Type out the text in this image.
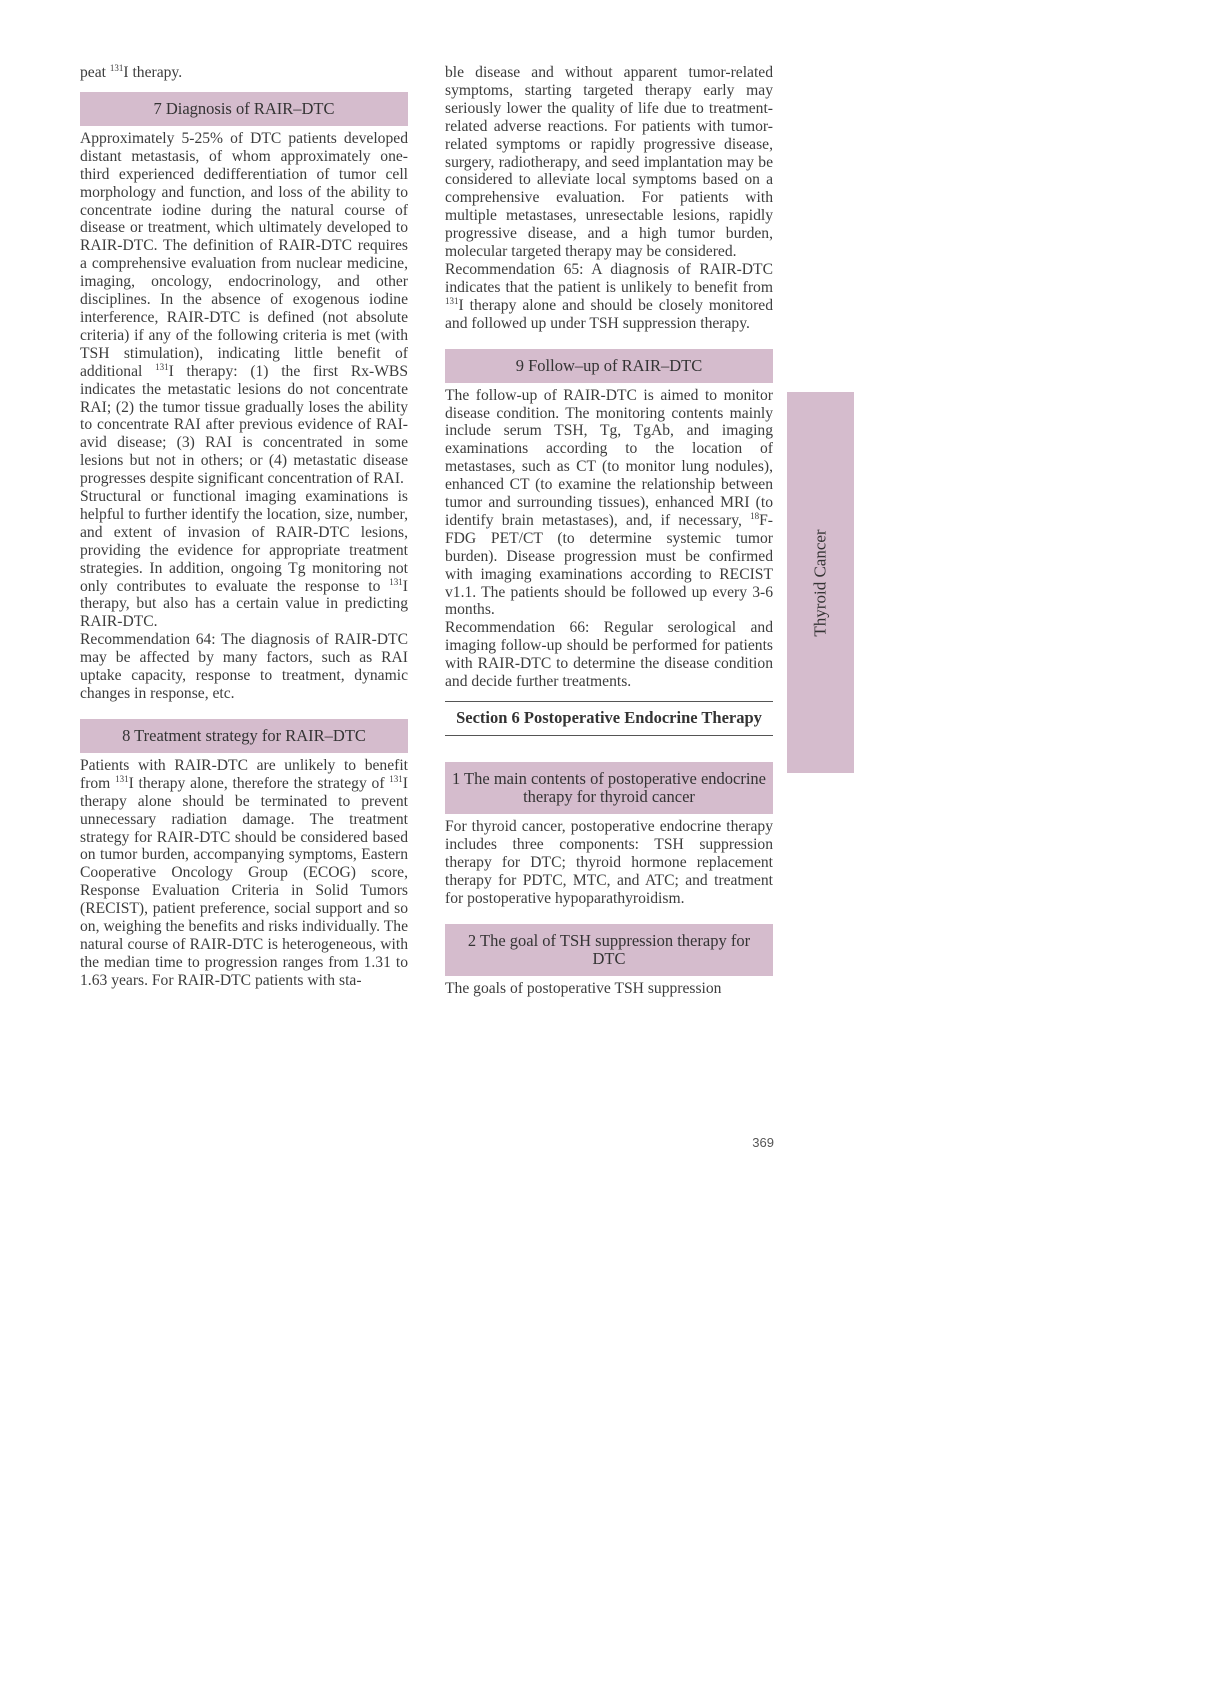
peat $^{131}$I therapy.

7 Diagnosis of RAIR–DTC

Approximately 5-25% of DTC patients developed distant metastasis, of whom approximately one-third experienced dedifferentiation of tumor cell morphology and function, and loss of the ability to concentrate iodine during the natural course of disease or treatment, which ultimately developed to RAIR-DTC. The definition of RAIR-DTC requires a comprehensive evaluation from nuclear medicine, imaging, oncology, endocrinology, and other disciplines. In the absence of exogenous iodine interference, RAIR-DTC is defined (not absolute criteria) if any of the following criteria is met (with TSH stimulation), indicating little benefit of additional $^{131}$I therapy: (1) the first Rx-WBS indicates the metastatic lesions do not concentrate RAI; (2) the tumor tissue gradually loses the ability to concentrate RAI after previous evidence of RAI-avid disease; (3) RAI is concentrated in some lesions but not in others; or (4) metastatic disease progresses despite significant concentration of RAI.

Structural or functional imaging examinations is helpful to further identify the location, size, number, and extent of invasion of RAIR-DTC lesions, providing the evidence for appropriate treatment strategies. In addition, ongoing Tg monitoring not only contributes to evaluate the response to $^{131}$I therapy, but also has a certain value in predicting RAIR-DTC.

Recommendation 64: The diagnosis of RAIR-DTC may be affected by many factors, such as RAI uptake capacity, response to treatment, dynamic changes in response, etc.

8 Treatment strategy for RAIR–DTC

Patients with RAIR-DTC are unlikely to benefit from $^{131}$I therapy alone, therefore the strategy of $^{131}$I therapy alone should be terminated to prevent unnecessary radiation damage. The treatment strategy for RAIR-DTC should be considered based on tumor burden, accompanying symptoms, Eastern Cooperative Oncology Group (ECOG) score, Response Evaluation Criteria in Solid Tumors (RECIST), patient preference, social support and so on, weighing the benefits and risks individually. The natural course of RAIR-DTC is heterogeneous, with the median time to progression ranges from 1.31 to 1.63 years. For RAIR-DTC patients with sta-

ble disease and without apparent tumor-related symptoms, starting targeted therapy early may seriously lower the quality of life due to treatment-related adverse reactions. For patients with tumor-related symptoms or rapidly progressive disease, surgery, radiotherapy, and seed implantation may be considered to alleviate local symptoms based on a comprehensive evaluation. For patients with multiple metastases, unresectable lesions, rapidly progressive disease, and a high tumor burden, molecular targeted therapy may be considered.

Recommendation 65: A diagnosis of RAIR-DTC indicates that the patient is unlikely to benefit from $^{131}$I therapy alone and should be closely monitored and followed up under TSH suppression therapy.

9 Follow–up of RAIR–DTC

The follow-up of RAIR-DTC is aimed to monitor disease condition. The monitoring contents mainly include serum TSH, Tg, TgAb, and imaging examinations according to the location of metastases, such as CT (to monitor lung nodules), enhanced CT (to examine the relationship between tumor and surrounding tissues), enhanced MRI (to identify brain metastases), and, if necessary, $^{18}$F-FDG PET/CT (to determine systemic tumor burden). Disease progression must be confirmed with imaging examinations according to RECIST v1.1. The patients should be followed up every 3-6 months.

Recommendation 66: Regular serological and imaging follow-up should be performed for patients with RAIR-DTC to determine the disease condition and decide further treatments.

Section 6 Postoperative Endocrine Therapy
1 The main contents of postoperative endocrine therapy for thyroid cancer

For thyroid cancer, postoperative endocrine therapy includes three components: TSH suppression therapy for DTC; thyroid hormone replacement therapy for PDTC, MTC, and ATC; and treatment for postoperative hypoparathyroidism.

2 The goal of TSH suppression therapy for DTC

The goals of postoperative TSH suppression

Thyroid Cancer
369
